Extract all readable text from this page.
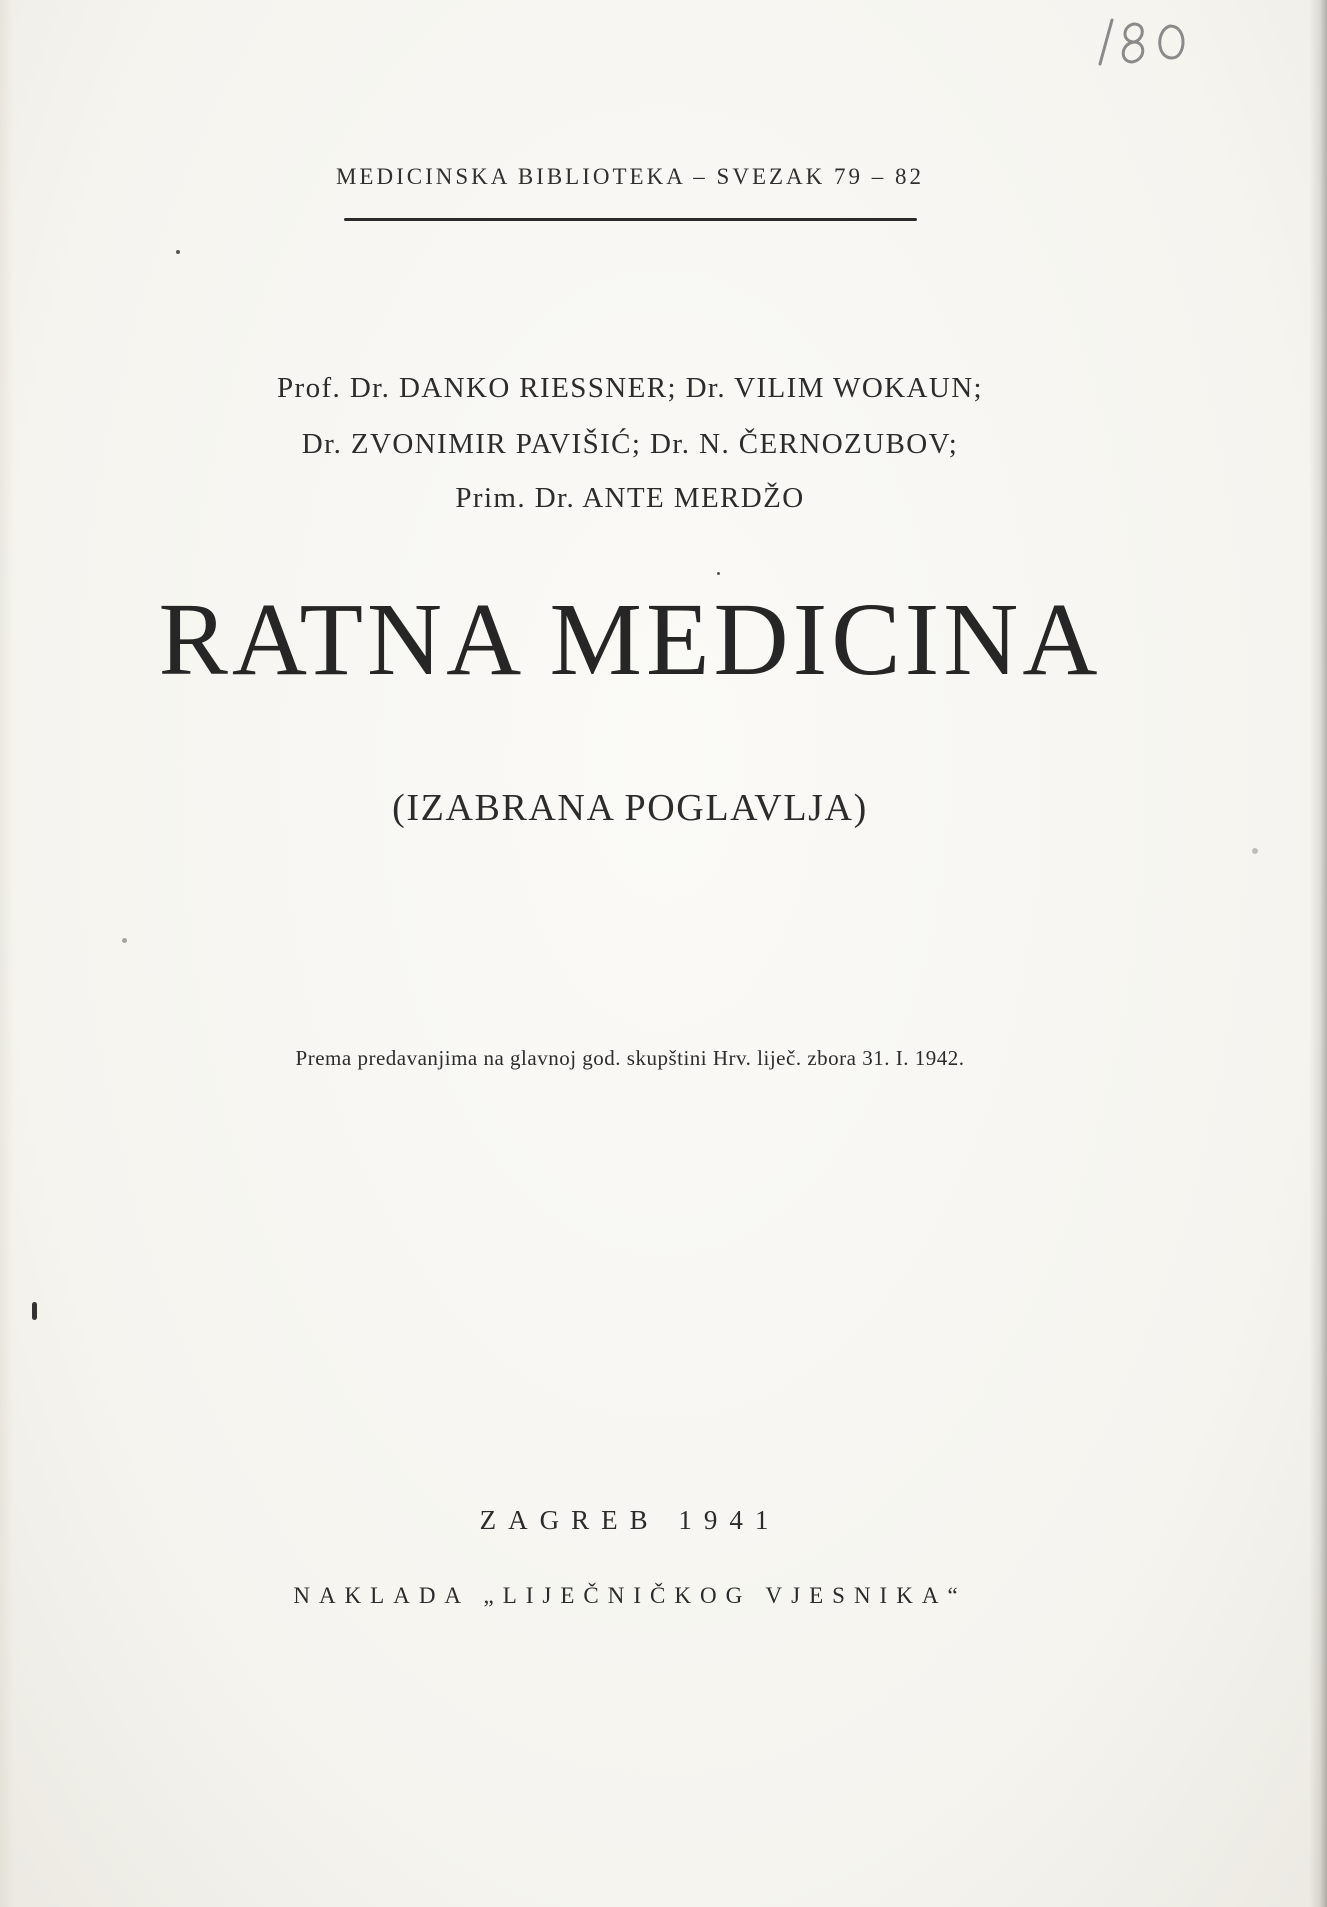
MEDICINSKA BIBLIOTEKA – SVEZAK 79 – 82
Prof. Dr. DANKO RIESSNER; Dr. VILIM WOKAUN;
Dr. ZVONIMIR PAVIŠIĆ; Dr. N. ČERNOZUBOV;
Prim. Dr. ANTE MERDŽO
RATNA MEDICINA
(IZABRANA POGLAVLJA)
Prema predavanjima na glavnoj god. skupštini Hrv. liječ. zbora 31. I. 1942.
ZAGREB 1941
NAKLADA „LIJEČNIČKOG VJESNIKA“
